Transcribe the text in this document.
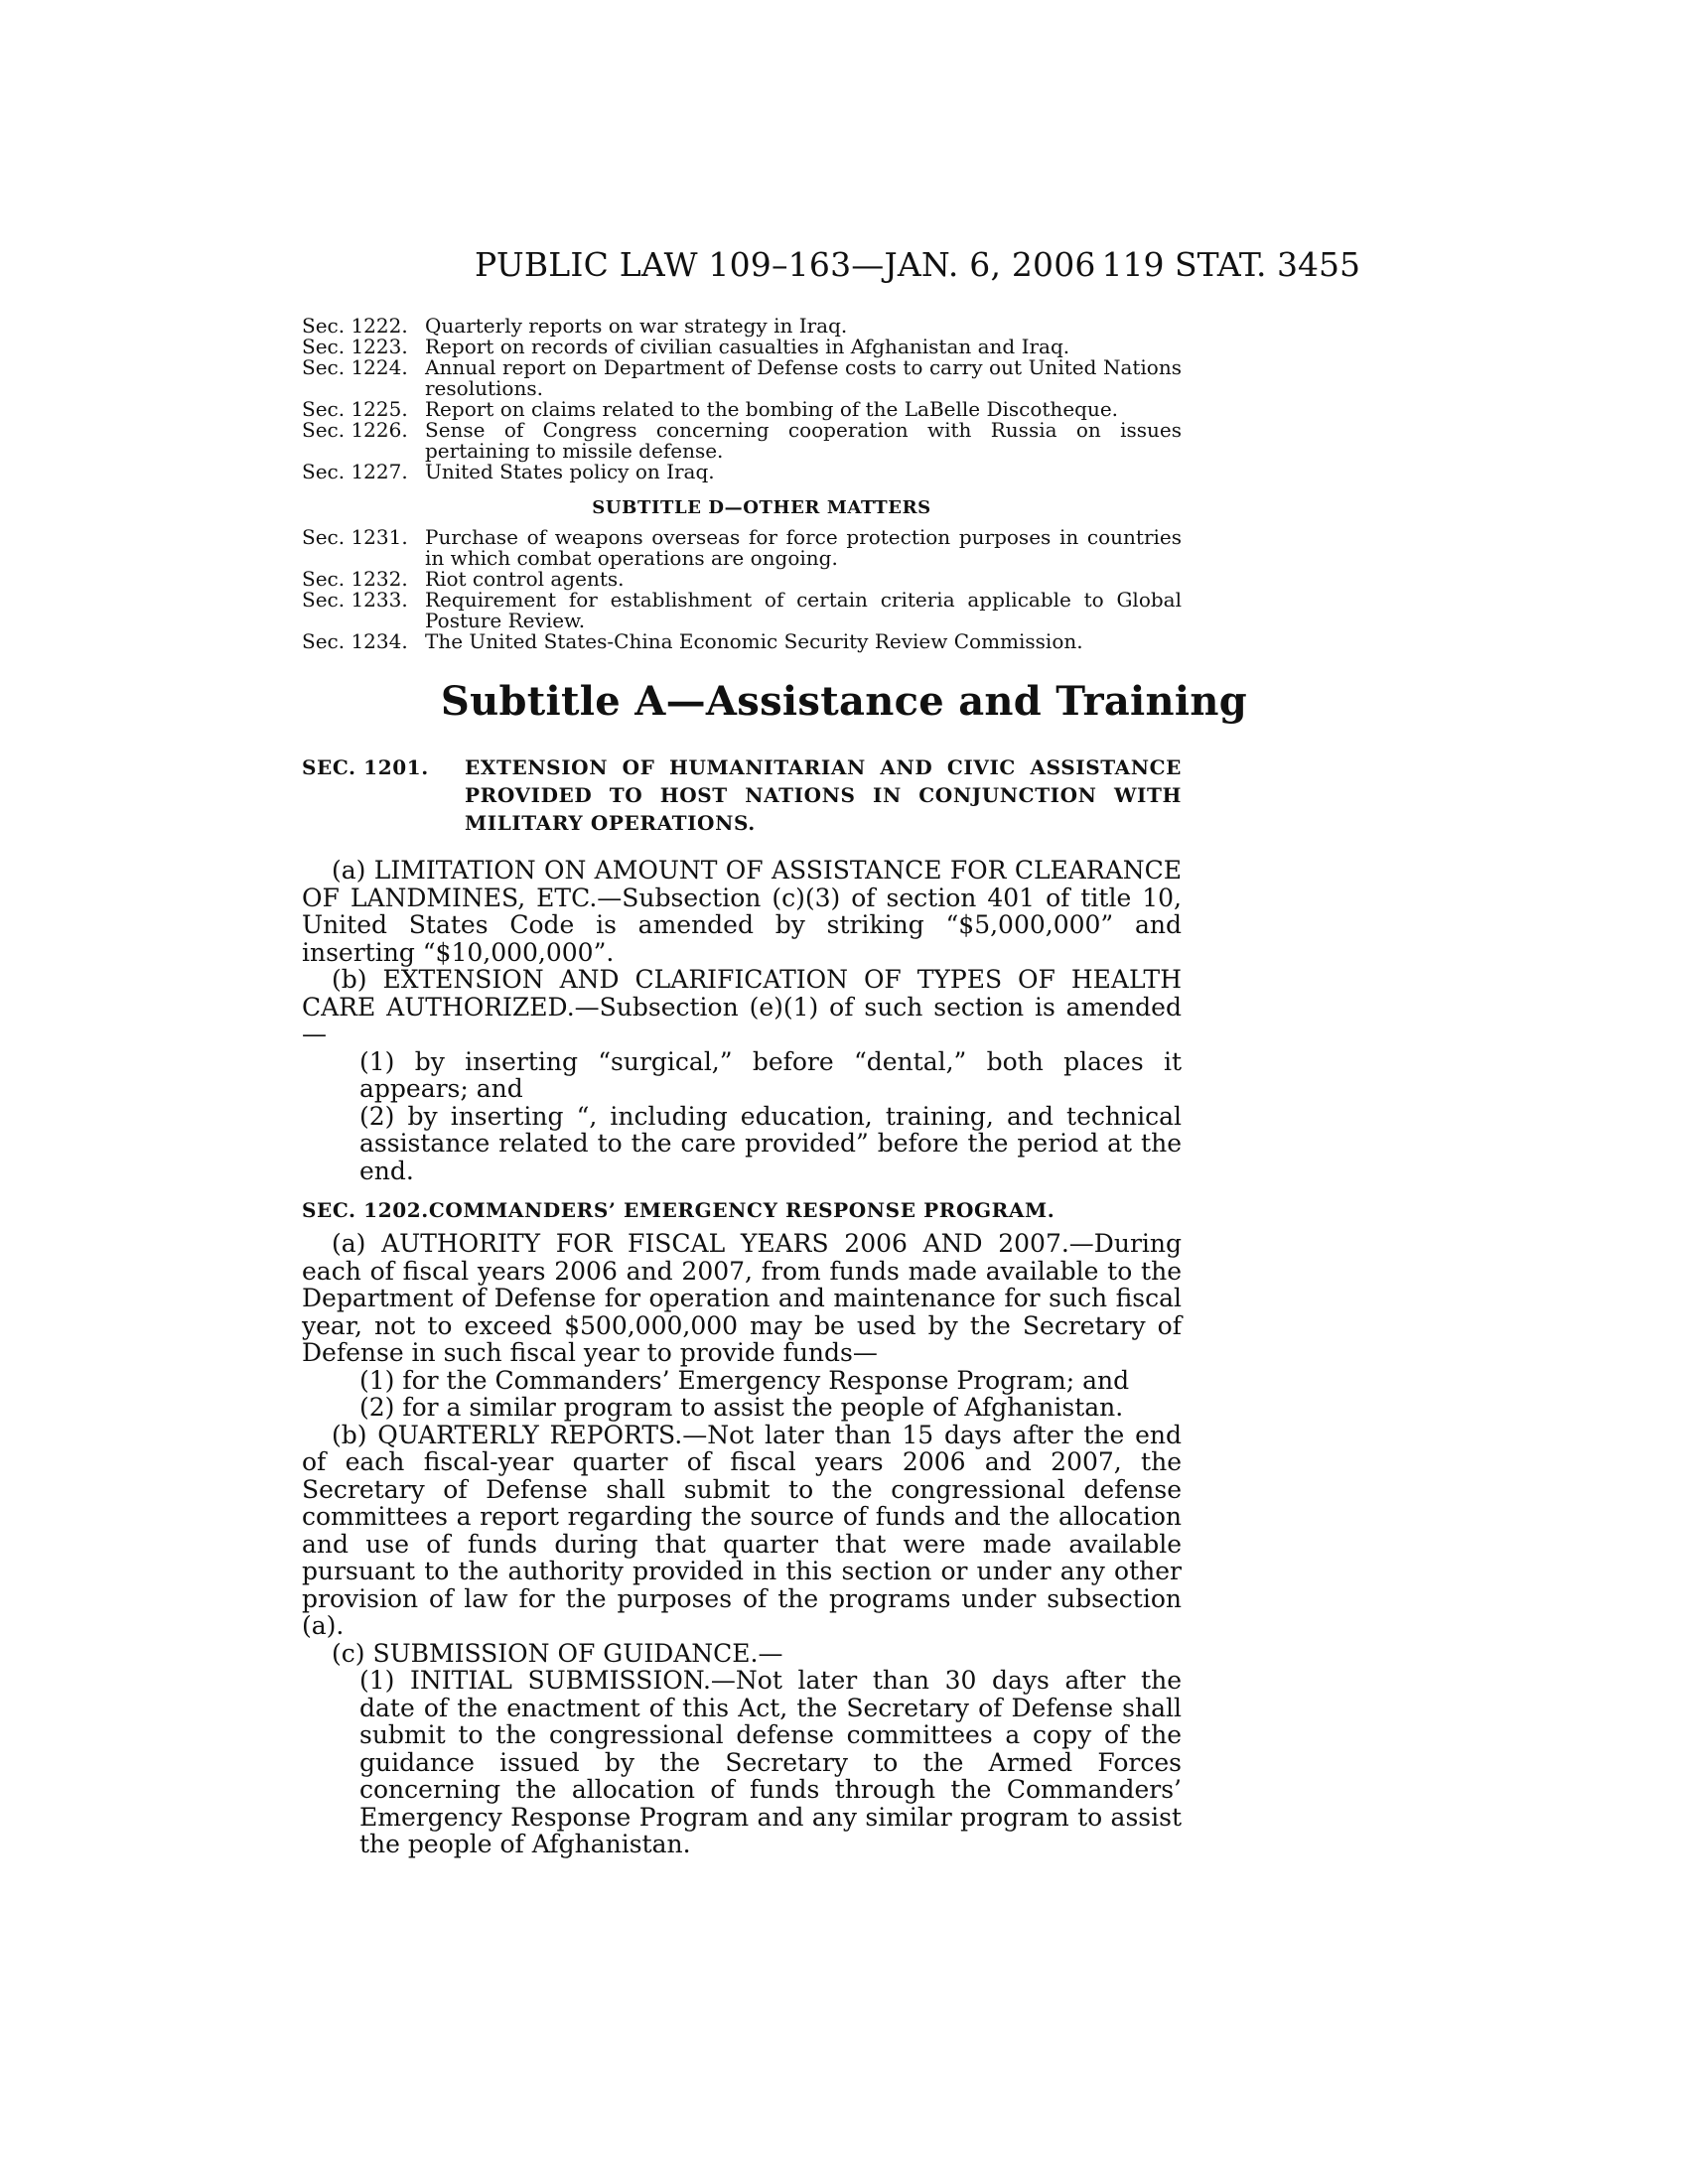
PUBLIC LAW 109–163—JAN. 6, 2006 119 STAT. 3455
Sec. 1222. Quarterly reports on war strategy in Iraq.
Sec. 1223. Report on records of civilian casualties in Afghanistan and Iraq.
Sec. 1224. Annual report on Department of Defense costs to carry out United Nations resolutions.
Sec. 1225. Report on claims related to the bombing of the LaBelle Discotheque.
Sec. 1226. Sense of Congress concerning cooperation with Russia on issues pertaining to missile defense.
Sec. 1227. United States policy on Iraq.
SUBTITLE D—OTHER MATTERS
Sec. 1231. Purchase of weapons overseas for force protection purposes in countries in which combat operations are ongoing.
Sec. 1232. Riot control agents.
Sec. 1233. Requirement for establishment of certain criteria applicable to Global Posture Review.
Sec. 1234. The United States-China Economic Security Review Commission.
Subtitle A—Assistance and Training
SEC. 1201.	EXTENSION OF HUMANITARIAN AND CIVIC ASSISTANCE PROVIDED TO HOST NATIONS IN CONJUNCTION WITH MILITARY OPERATIONS.

(a) LIMITATION ON AMOUNT OF ASSISTANCE FOR CLEARANCE OF LANDMINES, ETC.—Subsection (c)(3) of section 401 of title 10, United States Code is amended by striking “$5,000,000” and inserting “$10,000,000”.

(b) EXTENSION AND CLARIFICATION OF TYPES OF HEALTH CARE AUTHORIZED.—Subsection (e)(1) of such section is amended—

(1) by inserting “surgical,” before “dental,” both places it appears; and

(2) by inserting “, including education, training, and technical assistance related to the care provided” before the period at the end.

SEC. 1202. COMMANDERS’ EMERGENCY RESPONSE PROGRAM.

(a) AUTHORITY FOR FISCAL YEARS 2006 AND 2007.—During each of fiscal years 2006 and 2007, from funds made available to the Department of Defense for operation and maintenance for such fiscal year, not to exceed $500,000,000 may be used by the Secretary of Defense in such fiscal year to provide funds—

(1) for the Commanders’ Emergency Response Program; and

(2) for a similar program to assist the people of Afghanistan.

(b) QUARTERLY REPORTS.—Not later than 15 days after the end of each fiscal-year quarter of fiscal years 2006 and 2007, the Secretary of Defense shall submit to the congressional defense committees a report regarding the source of funds and the allocation and use of funds during that quarter that were made available pursuant to the authority provided in this section or under any other provision of law for the purposes of the programs under subsection (a).

(c) SUBMISSION OF GUIDANCE.—

(1) INITIAL SUBMISSION.—Not later than 30 days after the date of the enactment of this Act, the Secretary of Defense shall submit to the congressional defense committees a copy of the guidance issued by the Secretary to the Armed Forces concerning the allocation of funds through the Commanders’ Emergency Response Program and any similar program to assist the people of Afghanistan.
